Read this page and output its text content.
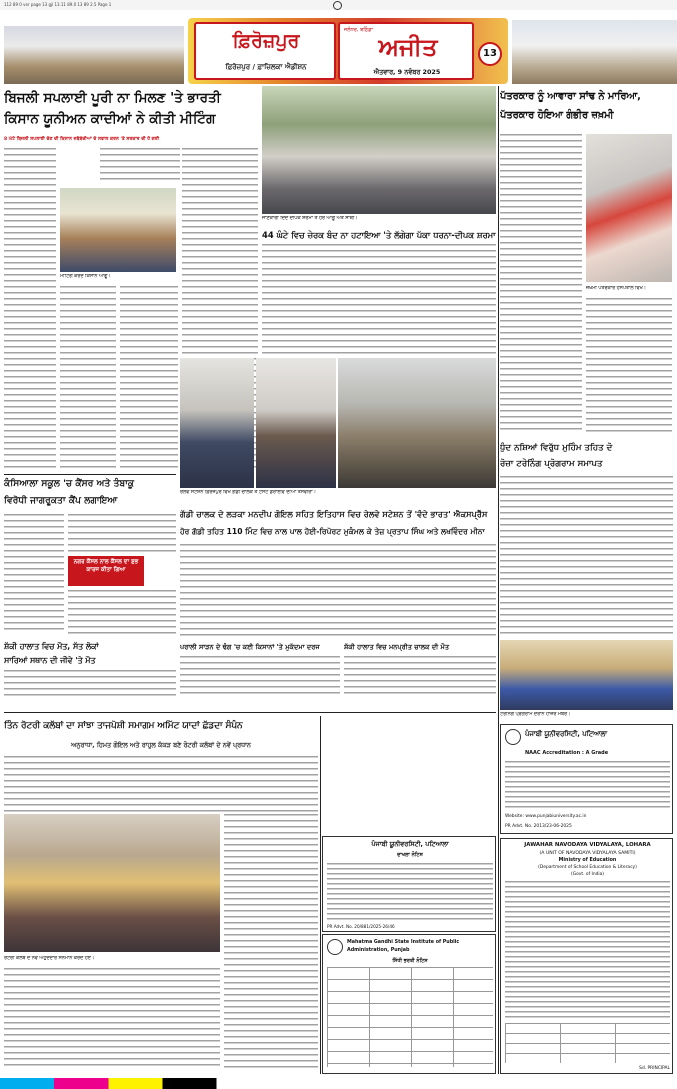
112 89 0 ver page 13 gjl 13.11 89.0 13 89 2.5 Page 1
ਫ਼ਿਰੋਜ਼ਪੁਰ
ਫ਼ਿਰੋਜ਼ਪੁਰ / ਫ਼ਾਜ਼ਿਲਕਾ ਐਡੀਸ਼ਨ
ਜਲੰਧਰ, ਬਠਿੰਡਾ
ਅਜੀਤ
ਐਤਵਾਰ, 9 ਨਵੰਬਰ 2025
13
ਬਿਜਲੀ ਸਪਲਾਈ ਪੂਰੀ ਨਾ ਮਿਲਣ 'ਤੇ ਭਾਰਤੀ
ਕਿਸਾਨ ਯੂਨੀਅਨ ਕਾਦੀਆਂ ਨੇ ਕੀਤੀ ਮੀਟਿੰਗ
8 ਘੰਟੇ ਬਿਜਲੀ ਸਪਲਾਈ ਦੇਣ ਦੀ ਕਿਸਾਨ ਜਥੇਬੰਦੀਆਂ ਦੇ ਸਵਾਲ ਕਰਨ 'ਤੇ ਸਰਕਾਰ ਦੀ ਹੋ ਗਈ
ਮੀਟਿੰਗ ਕਰਦੇ ਕਿਸਾਨ ਆਗੂ।
ਜਾਣਕਾਰੀ ਦਿੰਦੇ ਦੀਪਕ ਸ਼ਰਮਾ ਤੇ ਹੋਰ ਆਗੂ ਅਤੇ ਸਾਥੀ।
44 ਘੰਟੇ ਵਿਚ ਜ਼ੇਰਕ ਬੰਦ ਨਾ ਹਟਾਇਆ 'ਤੇ ਲੱਗੇਗਾ ਪੱਕਾ ਧਰਨਾ-ਦੀਪਕ ਸ਼ਰਮਾ
ਪੱਤਰਕਾਰ ਨੂੰ ਆਵਾਰਾ ਸਾਂਢ ਨੇ ਮਾਰਿਆ,
ਪੱਤਰਕਾਰ ਹੋਇਆ ਗੰਭੀਰ ਜ਼ਖ਼ਮੀ
ਜ਼ਖ਼ਮੀ ਪੱਤਰਕਾਰ ਹਸਪਤਾਲ ਵਿਖੇ।
ਕੰਸਿਆਲਾ ਸਕੂਲ 'ਚ ਕੈਂਸਰ ਅਤੇ ਤੰਬਾਕੂ
ਵਿਰੋਧੀ ਜਾਗਰੂਕਤਾ ਕੈਂਪ ਲਗਾਇਆ
ਨਗਰ ਕੌਂਸਲ ਨਾਲ ਕੌਂਸਲ ਦਾ ਸ਼ੁਭ ਕਾਰਜ ਕੀਤਾ ਗਿਆ
ਰੇਲਵੇ ਸਟੇਸ਼ਨ ਫ਼ਿਰੋਜ਼ਪੁਰ ਵਿਖੇ ਗੱਡੀ ਚਾਲਕ ਤੇ ਟੈਸਟ ਡਰਾਈਵ ਦੀਆਂ ਤਸਵੀਰਾਂ।
ਗੱਡੀ ਚਾਲਕ ਦੇ ਲੜਕਾ ਮਨਦੀਪ ਗੋਇਲ ਸਹਿਤ ਇਤਿਹਾਸ ਵਿਚ ਰੇਲਵੇ ਸਟੇਸ਼ਨ ਤੋਂ 'ਵੰਦੇ ਭਾਰਤ' ਐਕਸਪ੍ਰੈੱਸ
ਹੋਰ ਗੱਡੀ ਤਹਿਤ 110 ਮਿੰਟ ਵਿਚ ਨਾਲ ਪਾਲ ਹੋਈ-ਰਿਪੋਰਟ ਮੁਕੰਮਲ ਕੇ ਤੇਜ਼ ਪ੍ਰਤਾਪ ਸਿੰਘ ਅਤੇ ਲਖਵਿੰਦਰ ਮੀਨਾ
ਸ਼ੱਕੀ ਹਾਲਾਤ ਵਿਚ ਮੌਤ, ਸੱਤ ਲੋਕਾਂ
ਸਾਰਿਆਂ ਸਥਾਨ ਦੀ ਜੀਵੇ 'ਤੇ ਮੌਤ
ਪਰਾਲੀ ਸਾੜਨ ਦੇ ਢੰਗ 'ਚ ਕਈ ਕਿਸਾਨਾਂ 'ਤੇ ਮੁਕੱਦਮਾ ਦਰਜ	ਸ਼ੱਕੀ ਹਾਲਾਤ ਵਿਚ ਮਨਪ੍ਰੀਤ ਚਾਲਕ ਦੀ ਮੌਤ
ਧੁੰਦ ਨਸ਼ਿਆਂ ਵਿਰੁੱਧ ਮੁਹਿੰਮ ਤਹਿਤ ਦੋ
ਰੋਜ਼ਾ ਟਰੇਨਿੰਗ ਪ੍ਰੋਗਰਾਮ ਸਮਾਪਤ
ਟਰੇਨਿੰਗ ਪ੍ਰੋਗਰਾਮ ਦੌਰਾਨ ਹਾਜ਼ਰ ਮੈਂਬਰ।
ਤਿੰਨ ਰੋਟਰੀ ਕਲੱਬਾਂ ਦਾ ਸਾਂਝਾ ਤਾਜਪੋਸ਼ੀ ਸਮਾਗਮ ਅਮਿੱਟ ਯਾਦਾਂ ਛੱਡਦਾ ਸੰਪੰਨ
ਅਨੁਰਾਧਾ, ਹਿਮਤ ਗੋਇਲ ਅਤੇ ਰਾਹੁਲ ਕੱਕੜ ਬਣੇ ਰੋਟਰੀ ਕਲੱਬਾਂ ਦੇ ਨਵੇਂ ਪ੍ਰਧਾਨ
ਰੋਟਰੀ ਕਲੱਬ ਦੇ ਨਵੇਂ ਅਹੁਦੇਦਾਰ ਸਨਮਾਨ ਕਰਦੇ ਹੋਏ।
ਪੰਜਾਬੀ ਯੂਨੀਵਰਸਿਟੀ, ਪਟਿਆਲਾ
NAAC Accreditation : A Grade
Website: www.punjabiuniversity.ac.in
PR Advt. No. 2013/23-06-2025
ਪੰਜਾਬੀ ਯੂਨੀਵਰਸਿਟੀ, ਪਟਿਆਲਾ
ਦਾਖਲਾ ਨੋਟਿਸ
PR Advt. No. 20/881/2025-26/46
Mahatma Gandhi State Institute of Public Administration, Punjab
ਸਿੱਧੀ ਭਰਤੀ ਨੋਟਿਸ
JAWAHAR NAVODAYA VIDYALAYA, LOHARA
(A UNIT OF NAVODAYA VIDYALAYA SAMITI)
Ministry of Education
(Department of School Education & Literacy)
(Govt. of India)
Sd. PRINCIPAL
